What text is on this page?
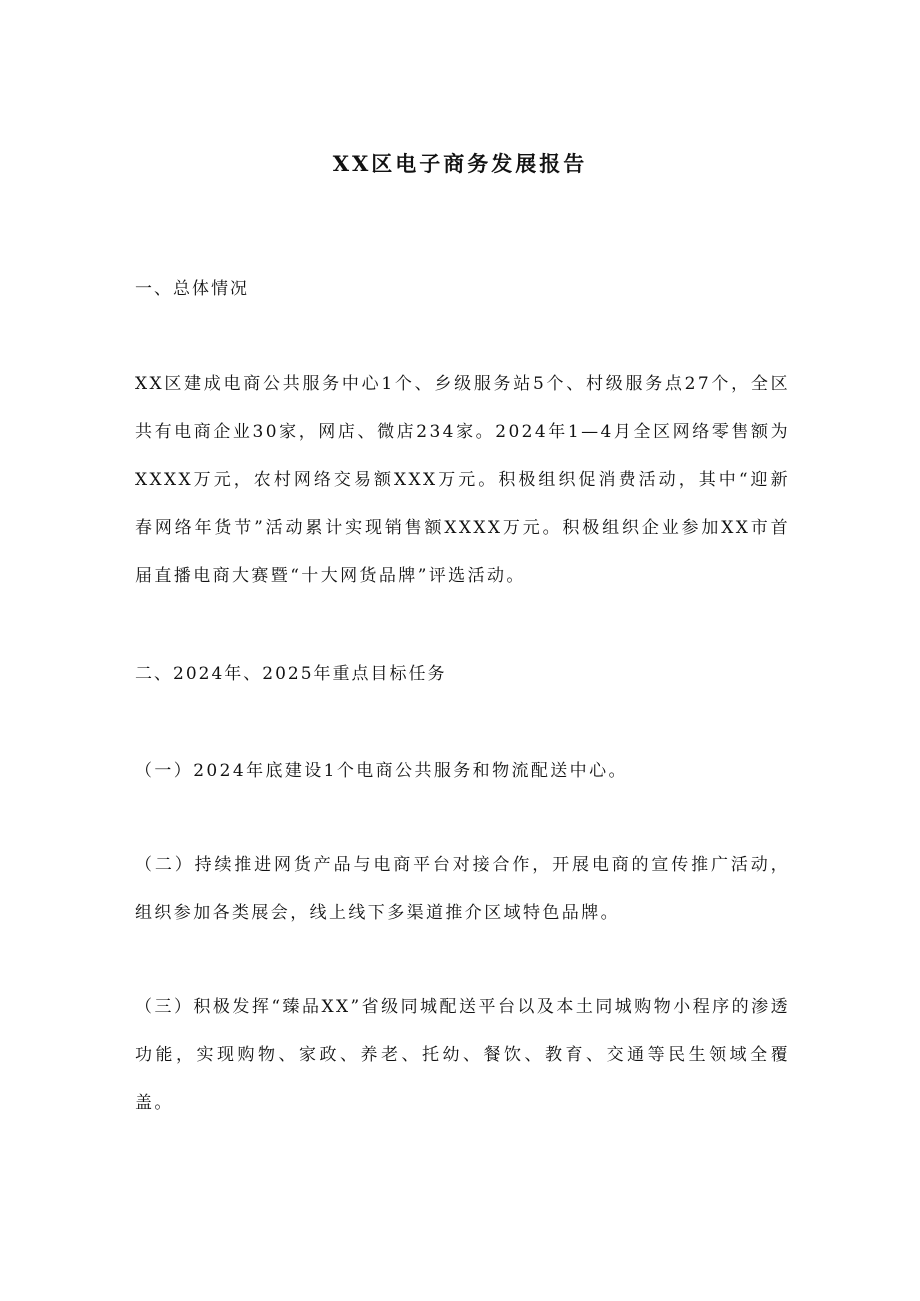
XX区电子商务发展报告
一、总体情况
XX区建成电商公共服务中心1个、乡级服务站5个、村级服务点27个，全区共有电商企业30家，网店、微店234家。2024年1—4月全区网络零售额为XXXX万元，农村网络交易额XXX万元。积极组织促消费活动，其中“迎新春网络年货节”活动累计实现销售额XXXX万元。积极组织企业参加XX市首届直播电商大赛暨“十大网货品牌”评选活动。
二、2024年、2025年重点目标任务
（一）2024年底建设1个电商公共服务和物流配送中心。
（二）持续推进网货产品与电商平台对接合作，开展电商的宣传推广活动，组织参加各类展会，线上线下多渠道推介区域特色品牌。
（三）积极发挥“臻品XX”省级同城配送平台以及本土同城购物小程序的渗透功能，实现购物、家政、养老、托幼、餐饮、教育、交通等民生领域全覆盖。
